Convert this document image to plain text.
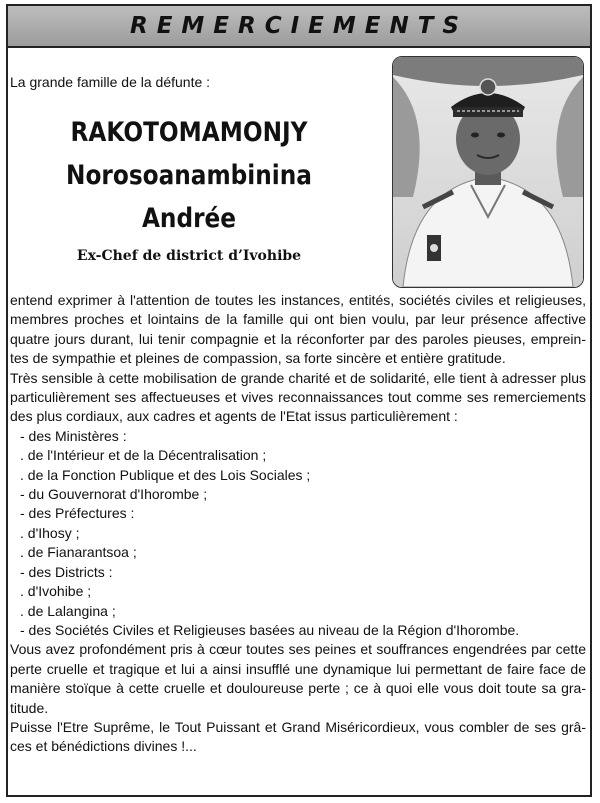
REMERCIEMENTS
La grande famille de la défunte :
RAKOTOMAMONJY
Norosoanambinina
Andrée
Ex-Chef de district d’Ivohibe

entend exprimer à l'attention de toutes les instances, entités, sociétés civiles et religieuses, membres proches et lointains de la famille qui ont bien voulu, par leur présence affective quatre jours durant, lui tenir compagnie et la réconforter par des paroles pieuses, emprein-tes de sympathie et pleines de compassion, sa forte sincère et entière gratitude.

Très sensible à cette mobilisation de grande charité et de solidarité, elle tient à adresser plus particulièrement ses affectueuses et vives reconnaissances tout comme ses remerciements des plus cordiaux, aux cadres et agents de l'Etat issus particulièrement :

- des Ministères :
. de l'Intérieur et de la Décentralisation ;
. de la Fonction Publique et des Lois Sociales ;
- du Gouvernorat d'Ihorombe ;
- des Préfectures :
. d'Ihosy ;
. de Fianarantsoa ;
- des Districts :
. d'Ivohibe ;
. de Lalangina ;
- des Sociétés Civiles et Religieuses basées au niveau de la Région d'Ihorombe.

Vous avez profondément pris à cœur toutes ses peines et souffrances engendrées par cette perte cruelle et tragique et lui a ainsi insufflé une dynamique lui permettant de faire face de manière stoïque à cette cruelle et douloureuse perte ; ce à quoi elle vous doit toute sa gra-titude.

Puisse l'Etre Suprême, le Tout Puissant et Grand Miséricordieux, vous combler de ses grâ-ces et bénédictions divines !...
